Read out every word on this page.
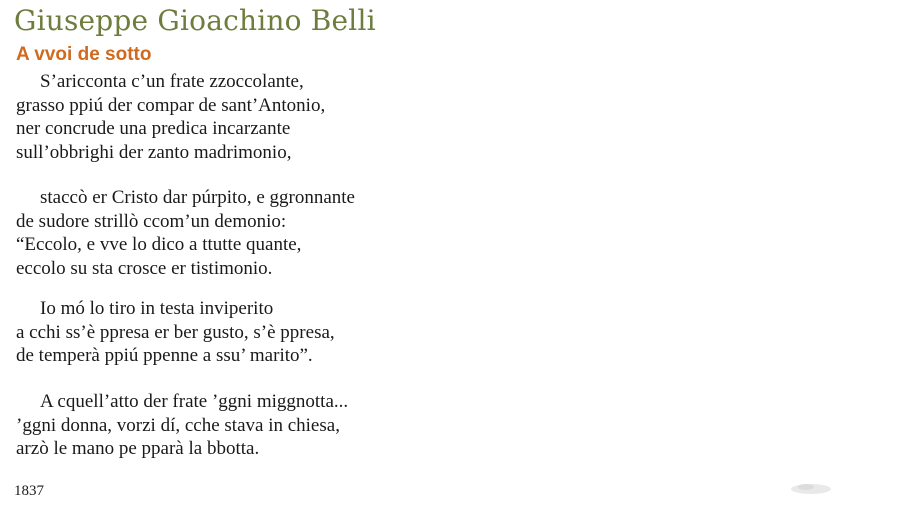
Giuseppe Gioachino Belli
A vvoi de sotto

S’aricconta c’un frate zzoccolante,
grasso ppiú der compar de sant’Antonio,
ner concrude una predica incarzante
sull’obbrighi der zanto madrimonio,

staccò er Cristo dar púrpito, e ggronnante
de sudore strillò ccom’un demonio:
“Eccolo, e vve lo dico a ttutte quante,
eccolo su sta crosce er tistimonio.

Io mó lo tiro in testa inviperito
a cchi ss’è ppresa er ber gusto, s’è ppresa,
de temperà ppiú ppenne a ssu’ marito”.

A cquell’atto der frate ’ggni miggnotta...
’ggni donna, vorzi dí, cche stava in chiesa,
arzò le mano pe pparà la bbotta.

1837
